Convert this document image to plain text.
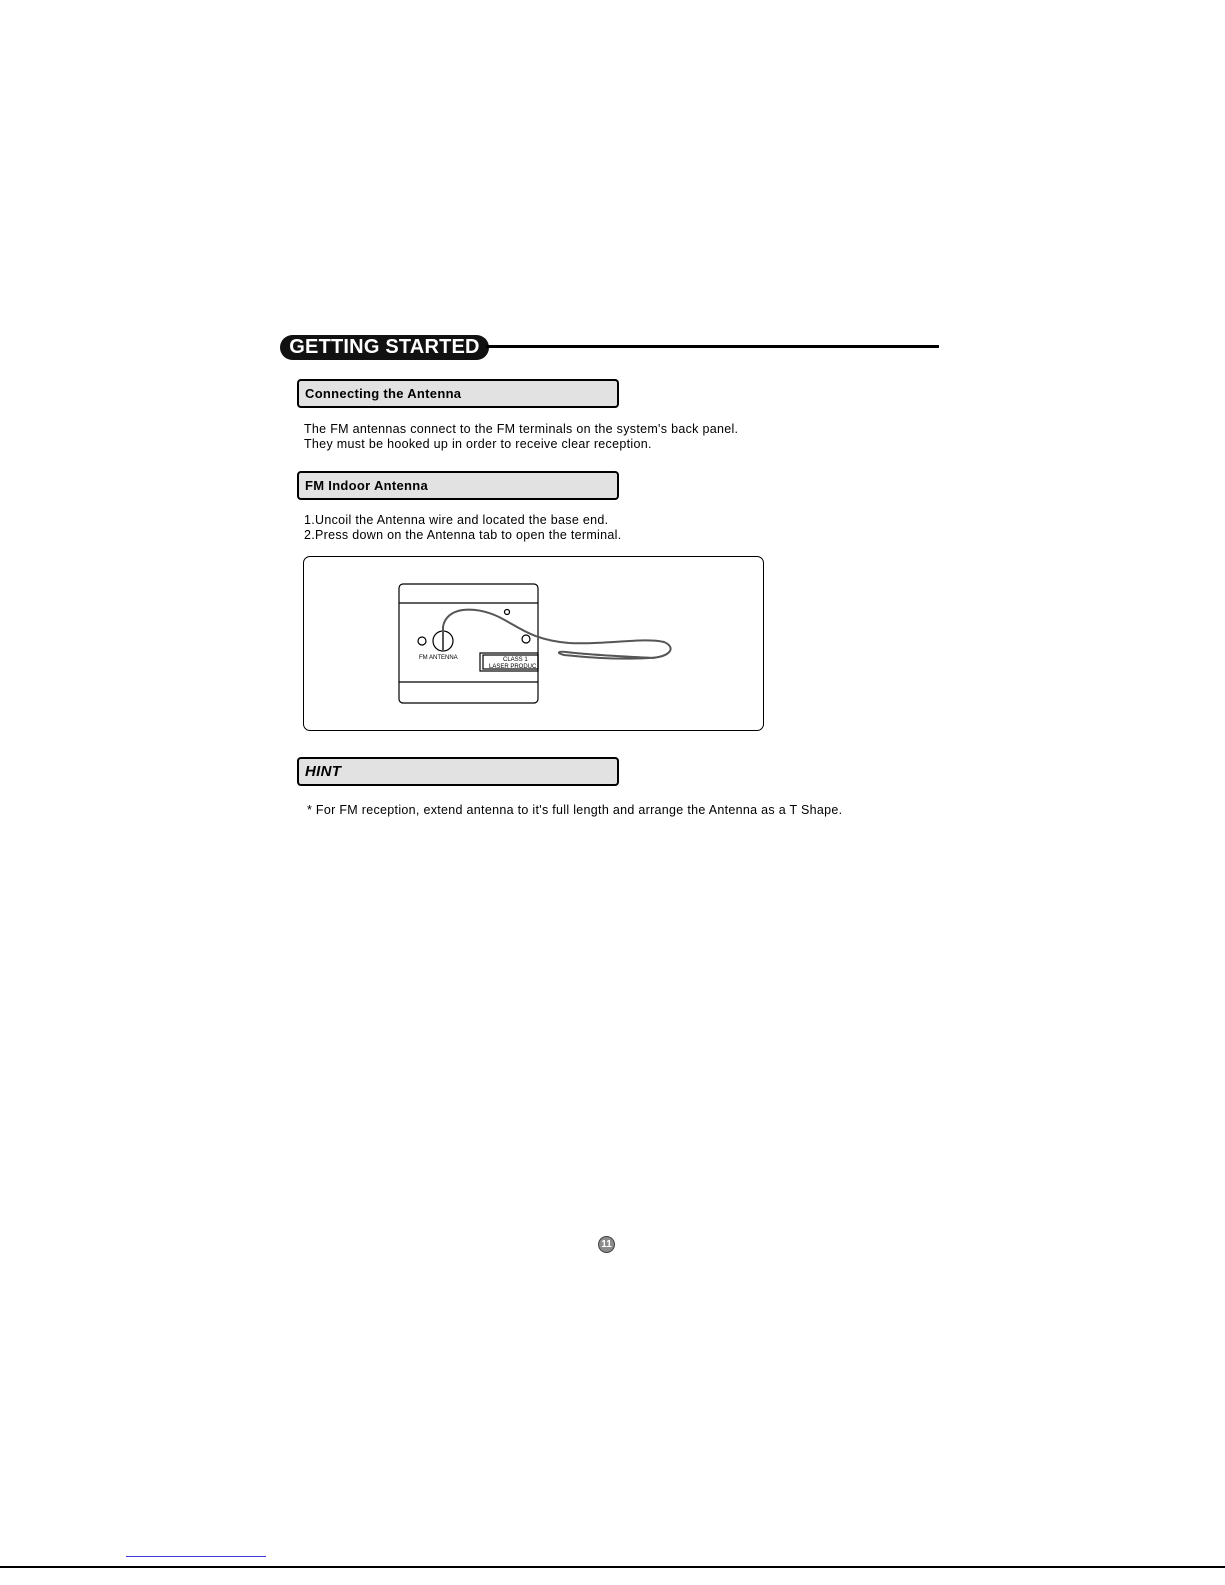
GETTING STARTED
Connecting the Antenna
The FM antennas connect to the FM terminals on the system's back panel.
They must be hooked up in order to receive clear reception.
FM Indoor Antenna
1.Uncoil the Antenna wire and located the base end.
2.Press down on the Antenna tab to open the terminal.
FM ANTENNA	CLASS 1
LASER PRODUC
HINT
* For FM reception, extend antenna to it's full length and arrange the Antenna as a T Shape.
11
